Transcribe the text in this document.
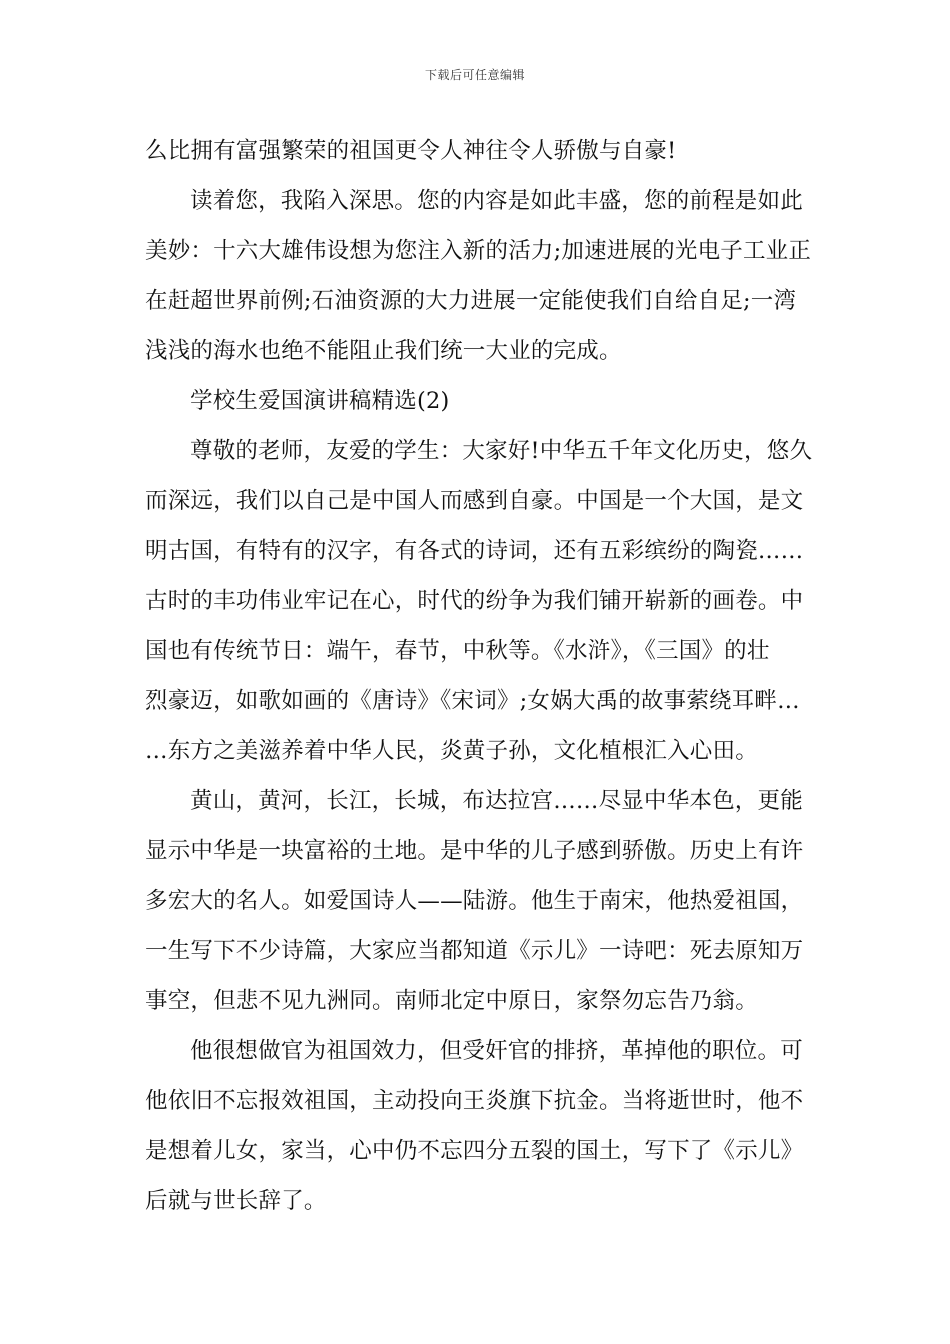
下载后可任意编辑
么比拥有富强繁荣的祖国更令人神往令人骄傲与自豪!
读着您，我陷入深思。您的内容是如此丰盛，您的前程是如此
美妙：十六大雄伟设想为您注入新的活力;加速进展的光电子工业正
在赶超世界前例;石油资源的大力进展一定能使我们自给自足;一湾
浅浅的海水也绝不能阻止我们统一大业的完成。
学校生爱国演讲稿精选(2)
尊敬的老师，友爱的学生：大家好!中华五千年文化历史，悠久
而深远，我们以自己是中国人而感到自豪。中国是一个大国，是文
明古国，有特有的汉字，有各式的诗词，还有五彩缤纷的陶瓷……
古时的丰功伟业牢记在心，时代的纷争为我们铺开崭新的画卷。中
国也有传统节日：端午，春节，中秋等。《水浒》，《三国》的壮
烈豪迈，如歌如画的《唐诗》《宋词》;女娲大禹的故事萦绕耳畔…
…东方之美滋养着中华人民，炎黄子孙，文化植根汇入心田。
黄山，黄河，长江，长城，布达拉宫……尽显中华本色，更能
显示中华是一块富裕的土地。是中华的儿子感到骄傲。历史上有许
多宏大的名人。如爱国诗人——陆游。他生于南宋，他热爱祖国，
一生写下不少诗篇，大家应当都知道《示儿》一诗吧：死去原知万
事空，但悲不见九洲同。南师北定中原日，家祭勿忘告乃翁。
他很想做官为祖国效力，但受奸官的排挤，革掉他的职位。可
他依旧不忘报效祖国，主动投向王炎旗下抗金。当将逝世时，他不
是想着儿女，家当，心中仍不忘四分五裂的国土，写下了《示儿》
后就与世长辞了。
